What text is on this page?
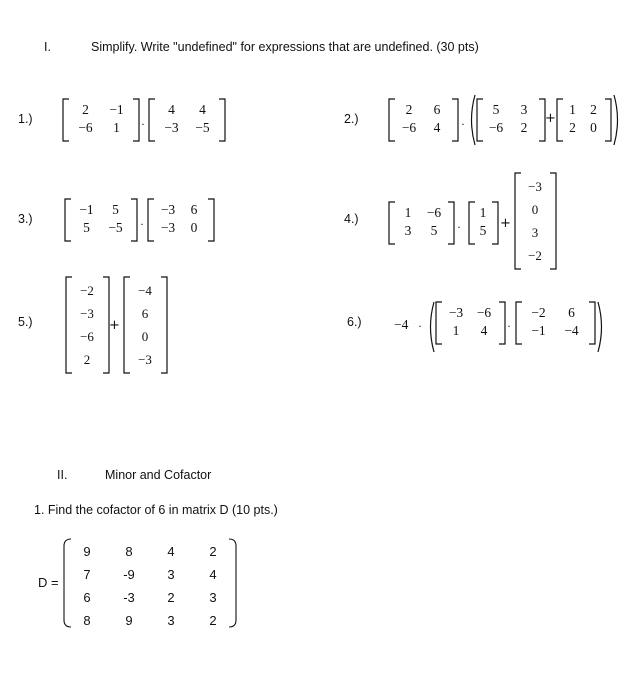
I.	Simplify. Write "undefined" for expressions that are undefined. (30 pts)
1.)	2.)
3.)	4.)
5.)	6.)
2	−1
−6	1	·
4	4
−3	−5
2	6
−6	4	·
5	3
−6	2
+
1	2
2	0
−1	5
5	−5	·
−3	6
−3	0
1	−6
3	5	·
1
5	+
−3
0
3
−2
−2
−3
−6
2
+
−4
6
0
−3
−4 ·
−3	−6
1	4	·
−2	6
−1	−4
II.	Minor and Cofactor
1. Find the cofactor of 6 in matrix D (10 pts.)
D =
9	8	4	2
7	-9	3	4
6	-3	2	3
8	9	3	2
